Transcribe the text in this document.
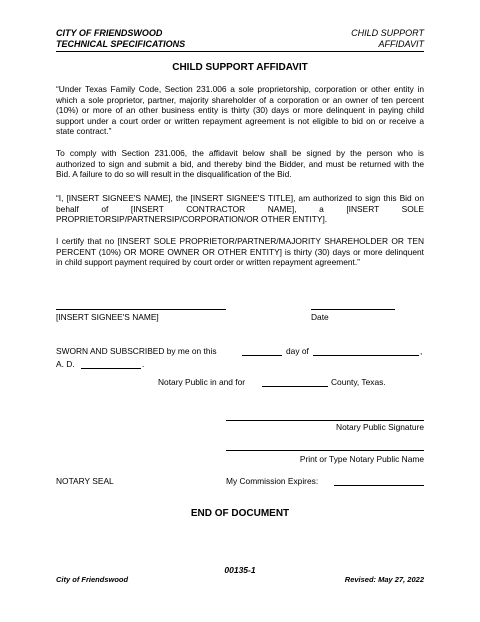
CITY OF FRIENDSWOOD
TECHNICAL SPECIFICATIONS
CHILD SUPPORT
AFFIDAVIT
CHILD SUPPORT AFFIDAVIT
“Under Texas Family Code, Section 231.006 a sole proprietorship, corporation or other entity in which a sole proprietor, partner, majority shareholder of a corporation or an owner of ten percent (10%) or more of an other business entity is thirty (30) days or more delinquent in paying child support under a court order or written repayment agreement is not eligible to bid on or receive a state contract.”
To comply with Section 231.006, the affidavit below shall be signed by the person who is authorized to sign and submit a bid, and thereby bind the Bidder, and must be returned with the Bid. A failure to do so will result in the disqualification of the Bid.
“I, [INSERT SIGNEE'S NAME], the [INSERT SIGNEE'S TITLE], am authorized to sign this Bid on behalf of [INSERT CONTRACTOR NAME], a [INSERT SOLE PROPRIETORSIP/PARTNERSIP/CORPORATION/OR OTHER ENTITY].
I certify that no [INSERT SOLE PROPRIETOR/PARTNER/MAJORITY SHAREHOLDER OR TEN PERCENT (10%) OR MORE OWNER OR OTHER ENTITY] is thirty (30) days or more delinquent in child support payment required by court order or written repayment agreement.”
[INSERT SIGNEE'S NAME]	Date
SWORN AND SUBSCRIBED by me on this	day of	,
A. D.	.
Notary Public in and for	County, Texas.
Notary Public Signature
Print or Type Notary Public Name
NOTARY SEAL	My Commission Expires:
END OF DOCUMENT
00135-1
City of Friendswood	Revised: May 27, 2022
